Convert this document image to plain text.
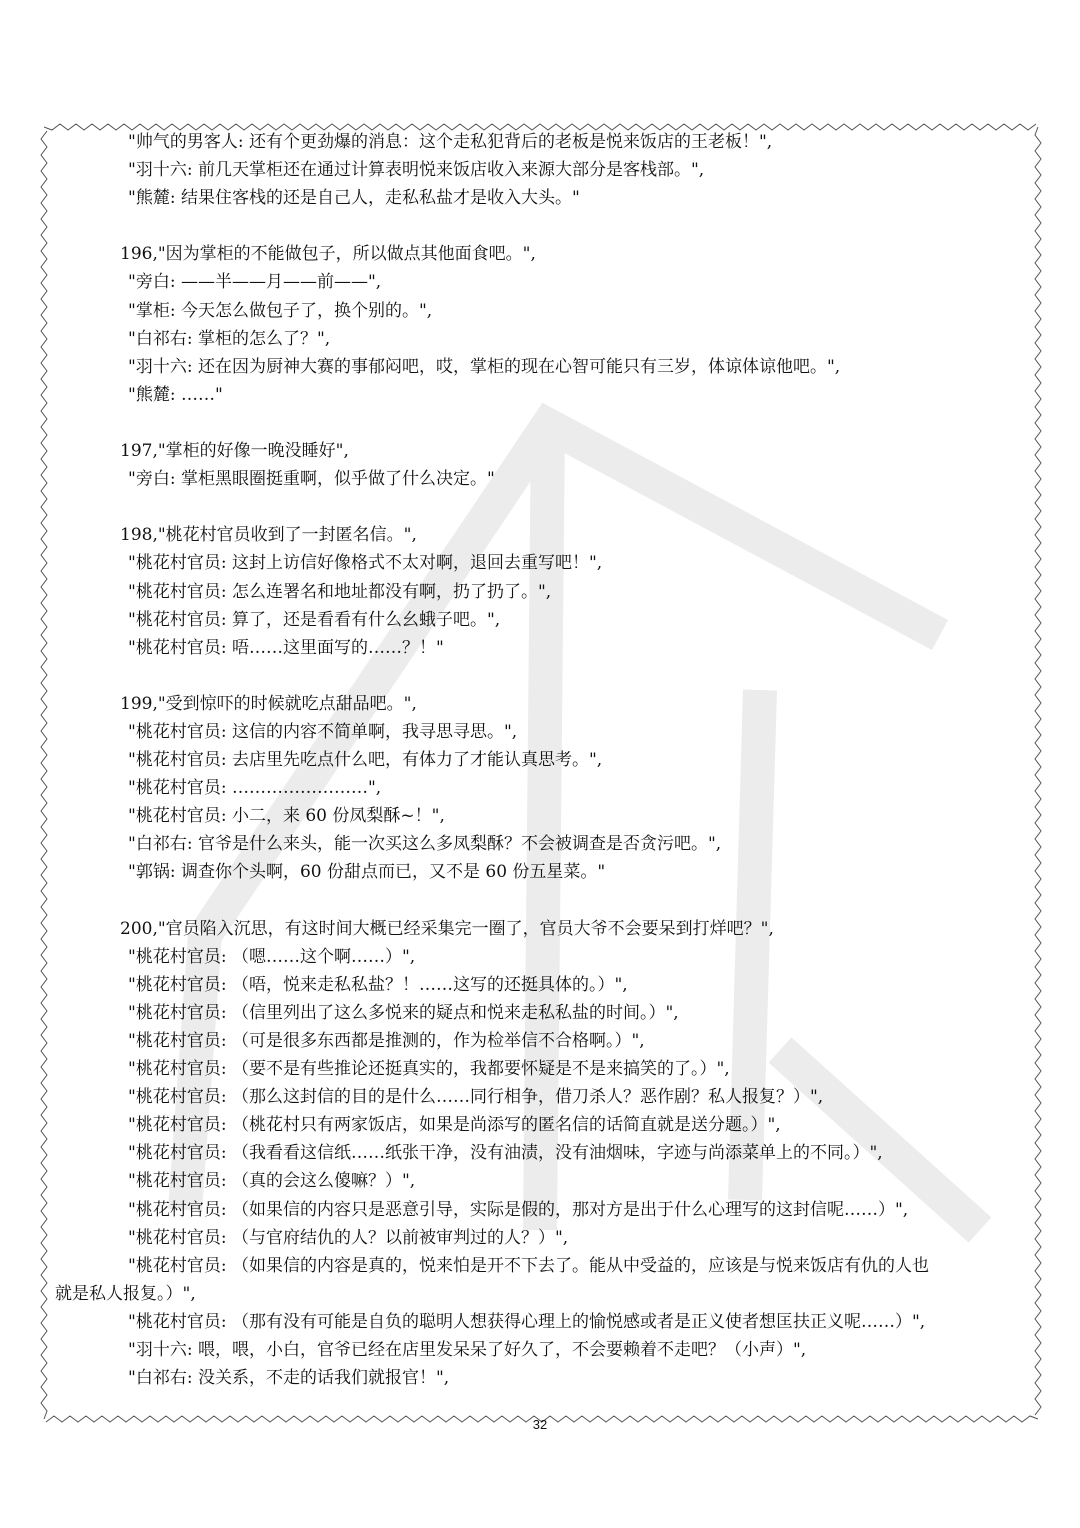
"帅气的男客人: 还有个更劲爆的消息：这个走私犯背后的老板是悦来饭店的王老板！",
"羽十六: 前几天掌柜还在通过计算表明悦来饭店收入来源大部分是客栈部。",
"熊麓: 结果住客栈的还是自己人，走私私盐才是收入大头。"
196,"因为掌柜的不能做包子，所以做点其他面食吧。",
"旁白: ——半——月——前——",
"掌柜: 今天怎么做包子了，换个别的。",
"白祁右: 掌柜的怎么了？",
"羽十六: 还在因为厨神大赛的事郁闷吧，哎，掌柜的现在心智可能只有三岁，体谅体谅他吧。",
"熊麓: ……"
197,"掌柜的好像一晚没睡好",
"旁白: 掌柜黑眼圈挺重啊，似乎做了什么决定。"
198,"桃花村官员收到了一封匿名信。",
"桃花村官员: 这封上访信好像格式不太对啊，退回去重写吧！",
"桃花村官员: 怎么连署名和地址都没有啊，扔了扔了。",
"桃花村官员: 算了，还是看看有什么幺蛾子吧。",
"桃花村官员: 唔……这里面写的……？！"
199,"受到惊吓的时候就吃点甜品吧。",
"桃花村官员: 这信的内容不简单啊，我寻思寻思。",
"桃花村官员: 去店里先吃点什么吧，有体力了才能认真思考。",
"桃花村官员: ……………………",
"桃花村官员: 小二，来 60 份凤梨酥~！",
"白祁右: 官爷是什么来头，能一次买这么多凤梨酥？不会被调查是否贪污吧。",
"郭锅: 调查你个头啊，60 份甜点而已，又不是 60 份五星菜。"
200,"官员陷入沉思，有这时间大概已经采集完一圈了，官员大爷不会要呆到打烊吧？",
"桃花村官员: （嗯……这个啊……）",
"桃花村官员: （唔，悦来走私私盐？！……这写的还挺具体的。）",
"桃花村官员: （信里列出了这么多悦来的疑点和悦来走私私盐的时间。）",
"桃花村官员: （可是很多东西都是推测的，作为检举信不合格啊。）",
"桃花村官员: （要不是有些推论还挺真实的，我都要怀疑是不是来搞笑的了。）",
"桃花村官员: （那么这封信的目的是什么……同行相争，借刀杀人？恶作剧？私人报复？）",
"桃花村官员: （桃花村只有两家饭店，如果是尚添写的匿名信的话简直就是送分题。）",
"桃花村官员: （我看看这信纸……纸张干净，没有油渍，没有油烟味，字迹与尚添菜单上的不同。）",
"桃花村官员: （真的会这么傻嘛？）",
"桃花村官员: （如果信的内容只是恶意引导，实际是假的，那对方是出于什么心理写的这封信呢……）",
"桃花村官员: （与官府结仇的人？以前被审判过的人？）",
"桃花村官员: （如果信的内容是真的，悦来怕是开不下去了。能从中受益的，应该是与悦来饭店有仇的人也
就是私人报复。）",
"桃花村官员: （那有没有可能是自负的聪明人想获得心理上的愉悦感或者是正义使者想匡扶正义呢……）",
"羽十六: 喂，喂，小白，官爷已经在店里发呆呆了好久了，不会要赖着不走吧？（小声）",
"白祁右: 没关系，不走的话我们就报官！",
32
